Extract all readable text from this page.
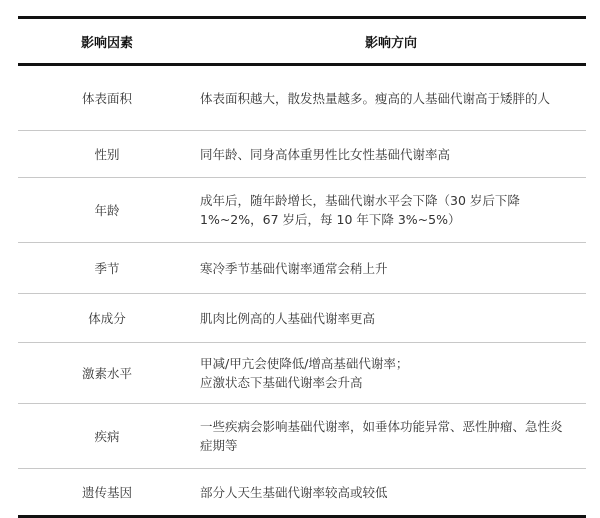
影响因素	影响方向
体表面积	体表面积越大，散发热量越多。瘦高的人基础代谢高于矮胖的人
性别	同年龄、同身高体重男性比女性基础代谢率高
年龄	成年后，随年龄增长，基础代谢水平会下降（30 岁后下降 1%~2%，67 岁后，每 10 年下降 3%~5%）
季节	寒冷季节基础代谢率通常会稍上升
体成分	肌肉比例高的人基础代谢率更高
激素水平	甲减/甲亢会使降低/增高基础代谢率；
应激状态下基础代谢率会升高

疾病	一些疾病会影响基础代谢率，如垂体功能异常、恶性肿瘤、急性炎症期等
遗传基因	部分人天生基础代谢率较高或较低
